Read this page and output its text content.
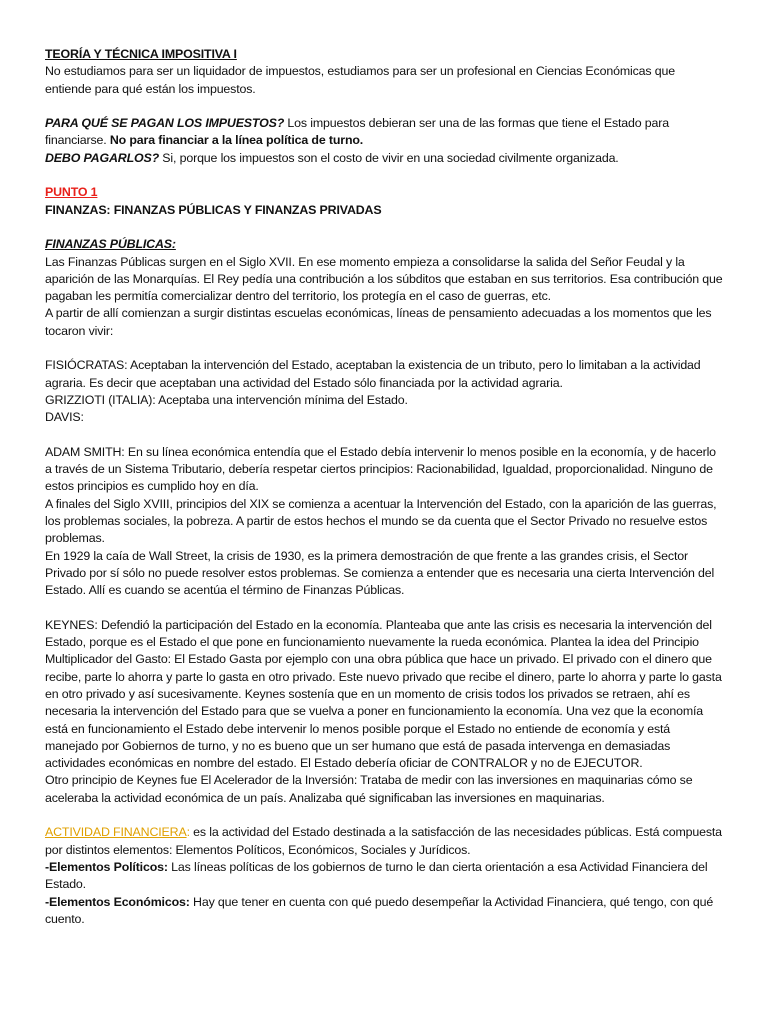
TEORÍA Y TÉCNICA IMPOSITIVA I

No estudiamos para ser un liquidador de impuestos, estudiamos para ser un profesional en Ciencias Económicas que entiende para qué están los impuestos.

PARA QUÉ SE PAGAN LOS IMPUESTOS? Los impuestos debieran ser una de las formas que tiene el Estado para financiarse. No para financiar a la línea política de turno.

DEBO PAGARLOS? Si, porque los impuestos son el costo de vivir en una sociedad civilmente organizada.

PUNTO 1

FINANZAS: FINANZAS PÚBLICAS Y FINANZAS PRIVADAS

FINANZAS PÚBLICAS:

Las Finanzas Públicas surgen en el Siglo XVII. En ese momento empieza a consolidarse la salida del Señor Feudal y la aparición de las Monarquías. El Rey pedía una contribución a los súbditos que estaban en sus territorios. Esa contribución que pagaban les permitía comercializar dentro del territorio, los protegía en el caso de guerras, etc.

A partir de allí comienzan a surgir distintas escuelas económicas, líneas de pensamiento adecuadas a los momentos que les tocaron vivir:

FISIÓCRATAS: Aceptaban la intervención del Estado, aceptaban la existencia de un tributo, pero lo limitaban a la actividad agraria. Es decir que aceptaban una actividad del Estado sólo financiada por la actividad agraria.

GRIZZIOTI (ITALIA): Aceptaba una intervención mínima del Estado.

DAVIS:

ADAM SMITH: En su línea económica entendía que el Estado debía intervenir lo menos posible en la economía, y de hacerlo a través de un Sistema Tributario, debería respetar ciertos principios: Racionabilidad, Igualdad, proporcionalidad. Ninguno de estos principios es cumplido hoy en día.

A finales del Siglo XVIII, principios del XIX se comienza a acentuar la Intervención del Estado, con la aparición de las guerras, los problemas sociales, la pobreza. A partir de estos hechos el mundo se da cuenta que el Sector Privado no resuelve estos problemas.

En 1929 la caía de Wall Street, la crisis de 1930, es la primera demostración de que frente a las grandes crisis, el Sector Privado por sí sólo no puede resolver estos problemas. Se comienza a entender que es necesaria una cierta Intervención del Estado. Allí es cuando se acentúa el término de Finanzas Públicas.

KEYNES: Defendió la participación del Estado en la economía. Planteaba que ante las crisis es necesaria la intervención del Estado, porque es el Estado el que pone en funcionamiento nuevamente la rueda económica. Plantea la idea del Principio Multiplicador del Gasto: El Estado Gasta por ejemplo con una obra pública que hace un privado. El privado con el dinero que recibe, parte lo ahorra y parte lo gasta en otro privado. Este nuevo privado que recibe el dinero, parte lo ahorra y parte lo gasta en otro privado y así sucesivamente. Keynes sostenía que en un momento de crisis todos los privados se retraen, ahí es necesaria la intervención del Estado para que se vuelva a poner en funcionamiento la economía. Una vez que la economía está en funcionamiento el Estado debe intervenir lo menos posible porque el Estado no entiende de economía y está manejado por Gobiernos de turno, y no es bueno que un ser humano que está de pasada intervenga en demasiadas actividades económicas en nombre del estado. El Estado debería oficiar de CONTRALOR y no de EJECUTOR.

Otro principio de Keynes fue El Acelerador de la Inversión: Trataba de medir con las inversiones en maquinarias cómo se aceleraba la actividad económica de un país. Analizaba qué significaban las inversiones en maquinarias.

ACTIVIDAD FINANCIERA: es la actividad del Estado destinada a la satisfacción de las necesidades públicas. Está compuesta por distintos elementos: Elementos Políticos, Económicos, Sociales y Jurídicos.

-Elementos Políticos: Las líneas políticas de los gobiernos de turno le dan cierta orientación a esa Actividad Financiera del Estado.

-Elementos Económicos: Hay que tener en cuenta con qué puedo desempeñar la Actividad Financiera, qué tengo, con qué cuento.
